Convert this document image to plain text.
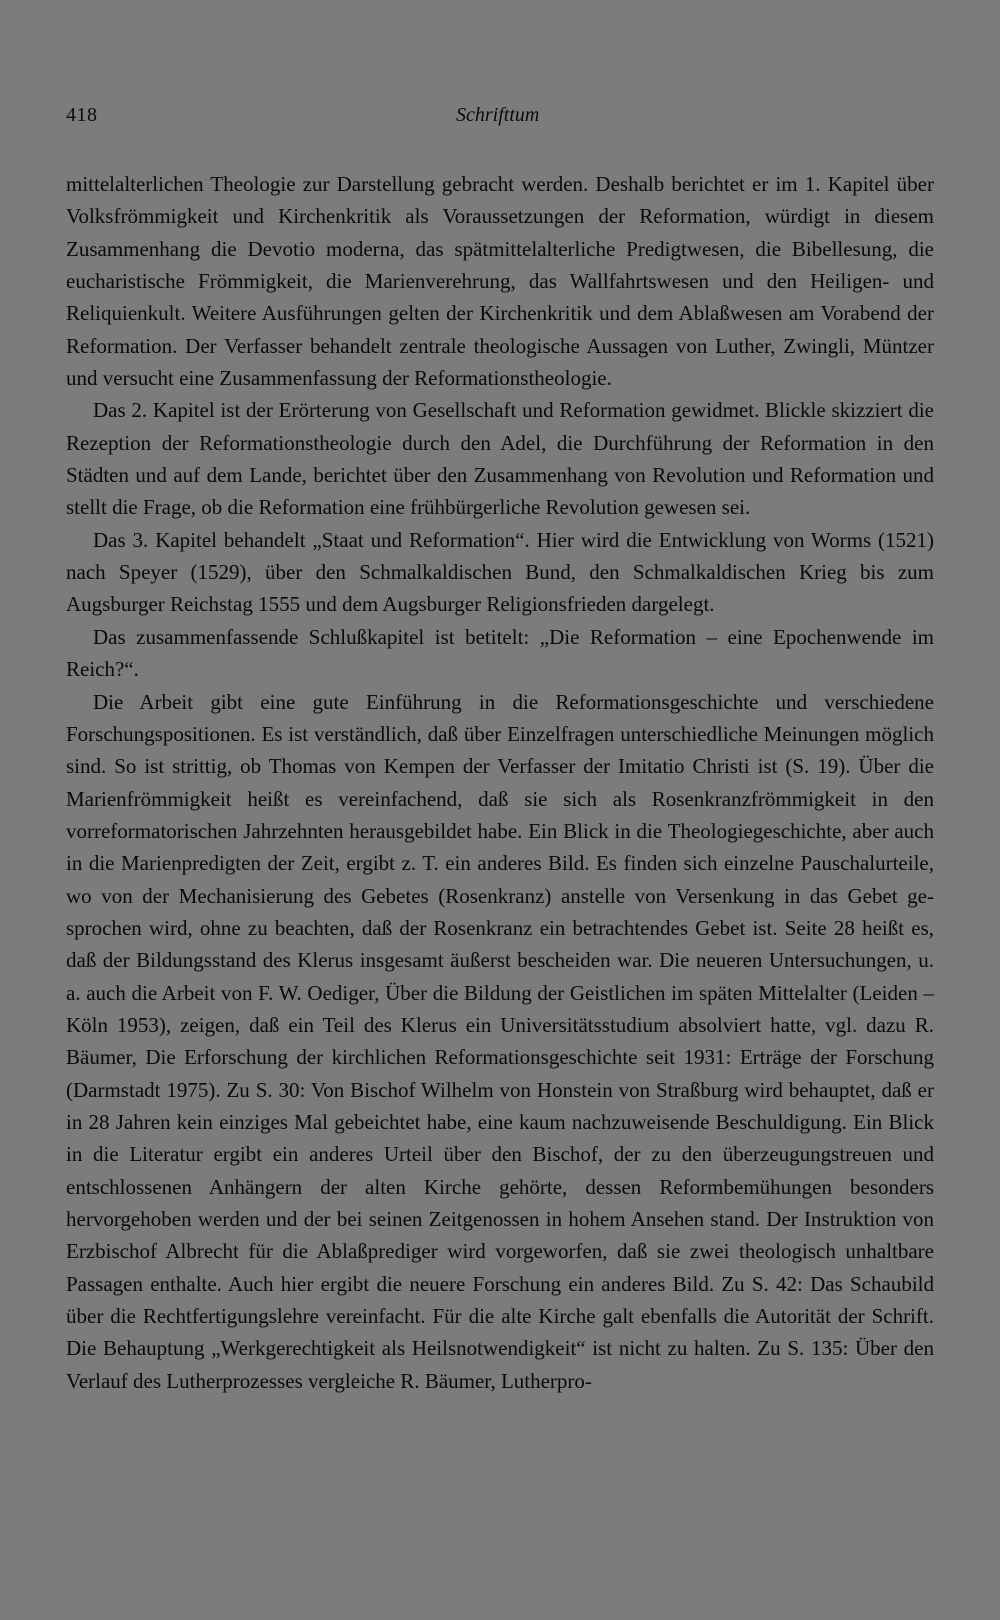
418	Schrifttum

mittelalterlichen Theologie zur Darstellung gebracht werden. Deshalb berichtet er im 1. Kapitel über Volksfrömmigkeit und Kirchenkritik als Voraussetzungen der Reformation, würdigt in diesem Zusammenhang die Devotio moderna, das spätmittelalterliche Predigtwesen, die Bibellesung, die eucharistische Frömmigkeit, die Marienverehrung, das Wallfahrtswesen und den Heiligen- und Reliquienkult. Weitere Ausführungen gelten der Kirchenkritik und dem Ablaßwesen am Vorabend der Reformation. Der Verfasser behandelt zentrale theologische Aussagen von Luther, Zwingli, Müntzer und versucht eine Zusammenfassung der Reformationstheologie.

Das 2. Kapitel ist der Erörterung von Gesellschaft und Reformation gewidmet. Blickle skizziert die Rezeption der Reformationstheologie durch den Adel, die Durchführung der Reformation in den Städten und auf dem Lande, berichtet über den Zusammenhang von Revolution und Reformation und stellt die Frage, ob die Reformation eine frühbürgerliche Revolution gewesen sei.

Das 3. Kapitel behandelt „Staat und Reformation“. Hier wird die Entwicklung von Worms (1521) nach Speyer (1529), über den Schmalkaldischen Bund, den Schmalkaldischen Krieg bis zum Augsburger Reichstag 1555 und dem Augsburger Religionsfrieden dargelegt.

Das zusammenfassende Schlußkapitel ist betitelt: „Die Reformation – eine Epochenwende im Reich?“.

Die Arbeit gibt eine gute Einführung in die Reformationsgeschichte und verschiedene Forschungspositionen. Es ist verständlich, daß über Einzelfragen unterschiedliche Meinungen möglich sind. So ist strittig, ob Thomas von Kempen der Verfasser der Imitatio Christi ist (S. 19). Über die Marienfrömmigkeit heißt es vereinfachend, daß sie sich als Rosenkranzfrömmigkeit in den vorreformatorischen Jahrzehnten herausgebildet habe. Ein Blick in die Theologiegeschichte, aber auch in die Marienpredigten der Zeit, ergibt z. T. ein anderes Bild. Es finden sich einzelne Pauschalurteile, wo von der Mechanisierung des Gebetes (Rosenkranz) anstelle von Versenkung in das Gebet gesprochen wird, ohne zu beachten, daß der Rosenkranz ein betrachtendes Gebet ist. Seite 28 heißt es, daß der Bildungsstand des Klerus insgesamt äußerst bescheiden war. Die neueren Untersuchungen, u. a. auch die Arbeit von F. W. Oediger, Über die Bildung der Geistlichen im späten Mittelalter (Leiden – Köln 1953), zeigen, daß ein Teil des Klerus ein Universitätsstudium absolviert hatte, vgl. dazu R. Bäumer, Die Erforschung der kirchlichen Reformationsgeschichte seit 1931: Erträge der Forschung (Darmstadt 1975). Zu S. 30: Von Bischof Wilhelm von Honstein von Straßburg wird behauptet, daß er in 28 Jahren kein einziges Mal gebeichtet habe, eine kaum nachzuweisende Beschuldigung. Ein Blick in die Literatur ergibt ein anderes Urteil über den Bischof, der zu den überzeugungstreuen und entschlossenen Anhängern der alten Kirche gehörte, dessen Reformbemühungen besonders hervorgehoben werden und der bei seinen Zeitgenossen in hohem Ansehen stand. Der Instruktion von Erzbischof Albrecht für die Ablaßprediger wird vorgeworfen, daß sie zwei theologisch unhaltbare Passagen enthalte. Auch hier ergibt die neuere Forschung ein anderes Bild. Zu S. 42: Das Schaubild über die Rechtfertigungslehre vereinfacht. Für die alte Kirche galt ebenfalls die Autorität der Schrift. Die Behauptung „Werkgerechtigkeit als Heilsnotwendigkeit“ ist nicht zu halten. Zu S. 135: Über den Verlauf des Lutherprozesses vergleiche R. Bäumer, Lutherpro-
